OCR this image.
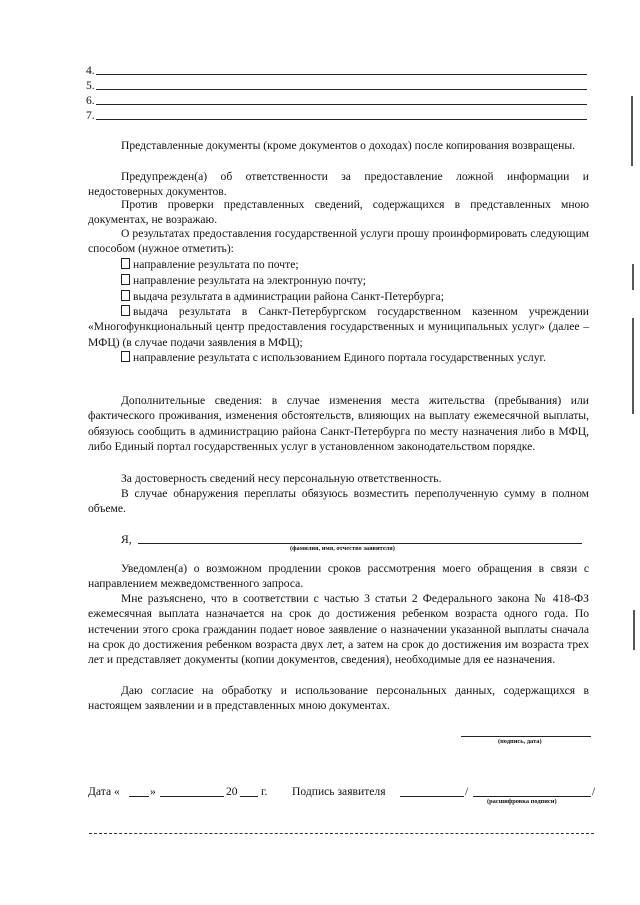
4.
5.
6.
7.
Представленные документы (кроме документов о доходах) после копирования возвращены.
Предупрежден(а) об ответственности за предоставление ложной информации и недостоверных документов.
Против проверки представленных сведений, содержащихся в представленных мною документах, не возражаю.
О результатах предоставления государственной услуги прошу проинформировать следующим способом (нужное отметить):
направление результата по почте;
направление результата на электронную почту;
выдача результата в администрации района Санкт-Петербурга;
выдача результата в Санкт-Петербургском государственном казенном учреждении «Многофункциональный центр предоставления государственных и муниципальных услуг» (далее – МФЦ) (в случае подачи заявления в МФЦ);
направление результата с использованием Единого портала государственных услуг.
Дополнительные сведения: в случае изменения места жительства (пребывания) или фактического проживания, изменения обстоятельств, влияющих на выплату ежемесячной выплаты, обязуюсь сообщить в администрацию района Санкт-Петербурга по месту назначения либо в МФЦ, либо Единый портал государственных услуг в установленном законодательством порядке.
За достоверность сведений несу персональную ответственность.
В случае обнаружения переплаты обязуюсь возместить переполученную сумму в полном объеме.
Я,
(фамилия, имя, отчество заявителя)
Уведомлен(а) о возможном продлении сроков рассмотрения моего обращения в связи с направлением межведомственного запроса.
Мне разъяснено, что в соответствии с частью 3 статьи 2 Федерального закона № 418-ФЗ ежемесячная выплата назначается на срок до достижения ребенком возраста одного года. По истечении этого срока гражданин подает новое заявление о назначении указанной выплаты сначала на срок до достижения ребенком возраста двух лет, а затем на срок до достижения им возраста трех лет и представляет документы (копии документов, сведения), необходимые для ее назначения.
Даю согласие на обработку и использование персональных данных, содержащихся в настоящем заявлении и в представленных мною документах.
(подпись, дата)
Дата «	»	20 г. Подпись заявителя	/	/
(расшифровка подписи)
